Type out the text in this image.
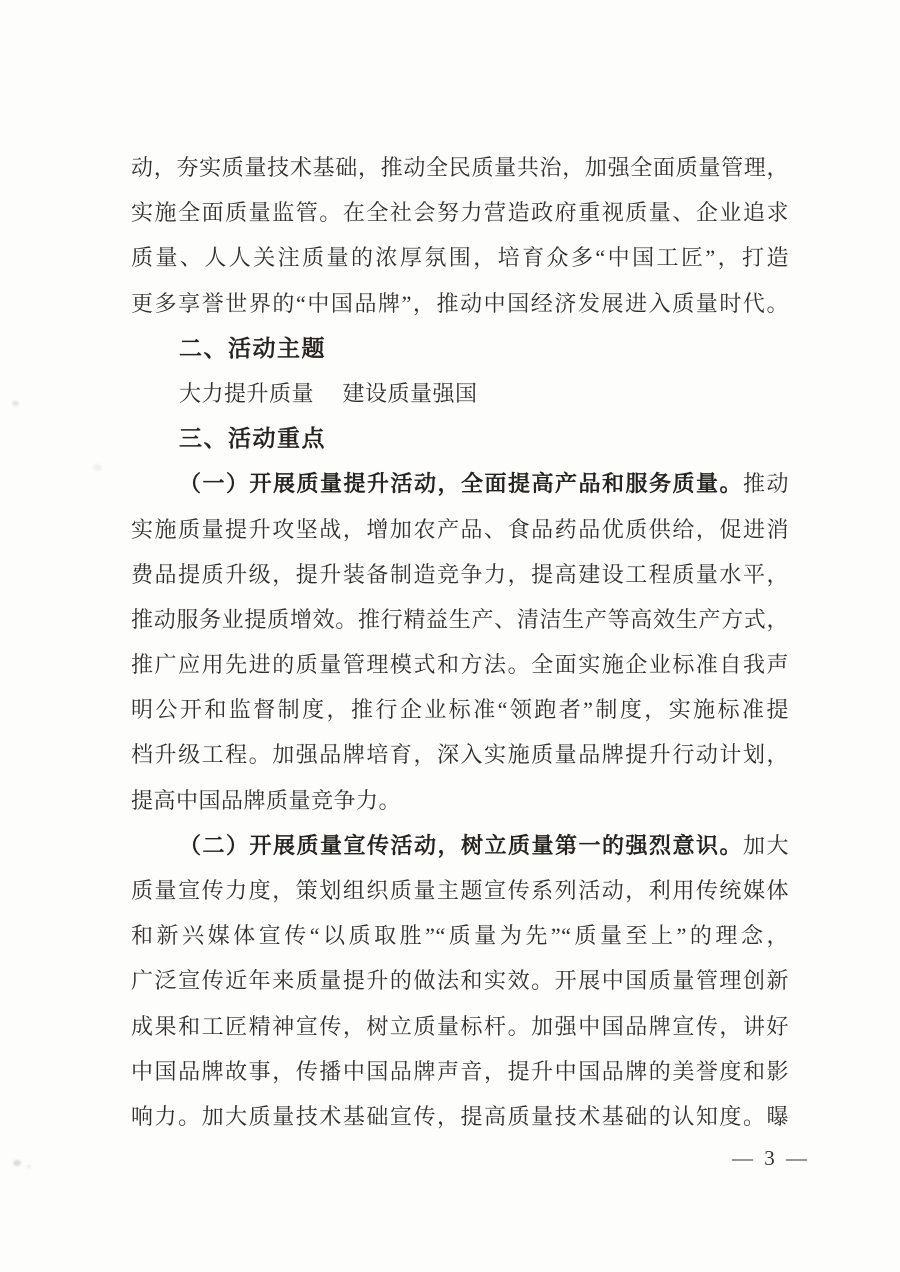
动，夯实质量技术基础，推动全民质量共治，加强全面质量管理，
实施全面质量监管。在全社会努力营造政府重视质量、企业追求
质量、人人关注质量的浓厚氛围，培育众多“中国工匠”，打造
更多享誉世界的“中国品牌”，推动中国经济发展进入质量时代。
二、活动主题
大力提升质量　 建设质量强国
三、活动重点
（一）开展质量提升活动，全面提高产品和服务质量。推动
实施质量提升攻坚战，增加农产品、食品药品优质供给，促进消
费品提质升级，提升装备制造竞争力，提高建设工程质量水平，
推动服务业提质增效。推行精益生产、清洁生产等高效生产方式，
推广应用先进的质量管理模式和方法。全面实施企业标准自我声
明公开和监督制度，推行企业标准“领跑者”制度，实施标准提
档升级工程。加强品牌培育，深入实施质量品牌提升行动计划，
提高中国品牌质量竞争力。
（二）开展质量宣传活动，树立质量第一的强烈意识。加大
质量宣传力度，策划组织质量主题宣传系列活动，利用传统媒体
和新兴媒体宣传“以质取胜”“质量为先”“质量至上”的理念，
广泛宣传近年来质量提升的做法和实效。开展中国质量管理创新
成果和工匠精神宣传，树立质量标杆。加强中国品牌宣传，讲好
中国品牌故事，传播中国品牌声音，提升中国品牌的美誉度和影
响力。加大质量技术基础宣传，提高质量技术基础的认知度。曝
— 3 —
